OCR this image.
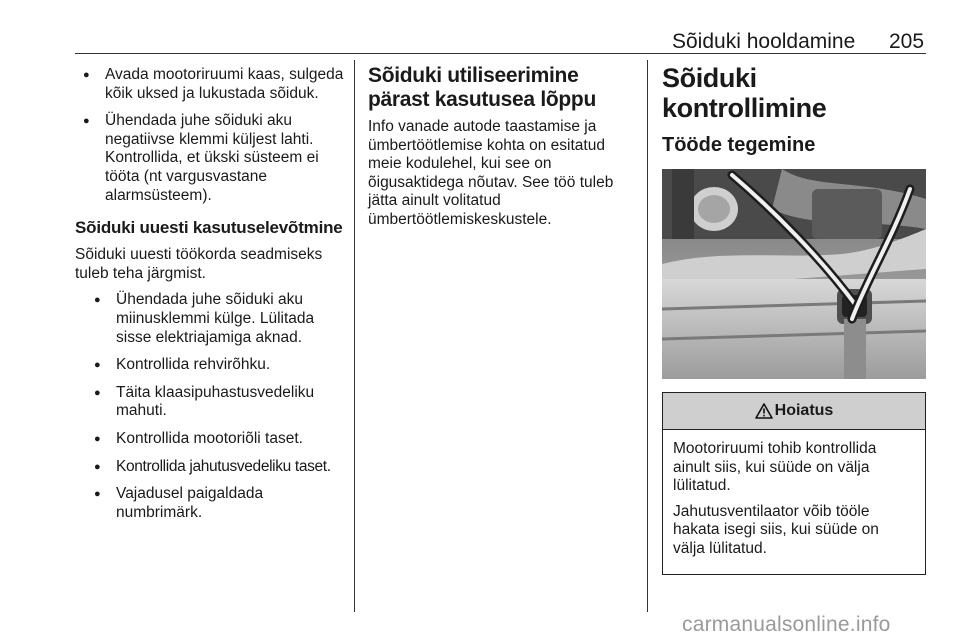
Sõiduki hooldamine 205
● Avada mootoriruumi kaas, sulgeda kõik uksed ja lukustada sõiduk.
● Ühendada juhe sõiduki aku negatiivse klemmi küljest lahti. Kontrollida, et ükski süsteem ei tööta (nt vargusvastane alarmsüsteem).
Sõiduki uuesti kasutuselevõtmine

Sõiduki uuesti töökorda seadmiseks tuleb teha järgmist.

● Ühendada juhe sõiduki aku miinusklemmi külge. Lülitada sisse elektriajamiga aknad.
● Kontrollida rehvirõhku.
● Täita klaasipuhastusvedeliku mahuti.
● Kontrollida mootoriõli taset.
● Kontrollida jahutusvedeliku taset.
● Vajadusel paigaldada numbrimärk.
Sõiduki utiliseerimine pärast kasutusea lõppu

Info vanade autode taastamise ja ümbertöötlemise kohta on esitatud meie kodulehel, kui see on õigusaktidega nõutav. See töö tuleb jätta ainult volitatud ümbertöötlemiskeskustele.

Sõiduki kontrollimine
Tööde tegemine
Hoiatus

Mootoriruumi tohib kontrollida ainult siis, kui süüde on välja lülitatud.

Jahutusventilaator võib tööle hakata isegi siis, kui süüde on välja lülitatud.

carmanualsonline.info
